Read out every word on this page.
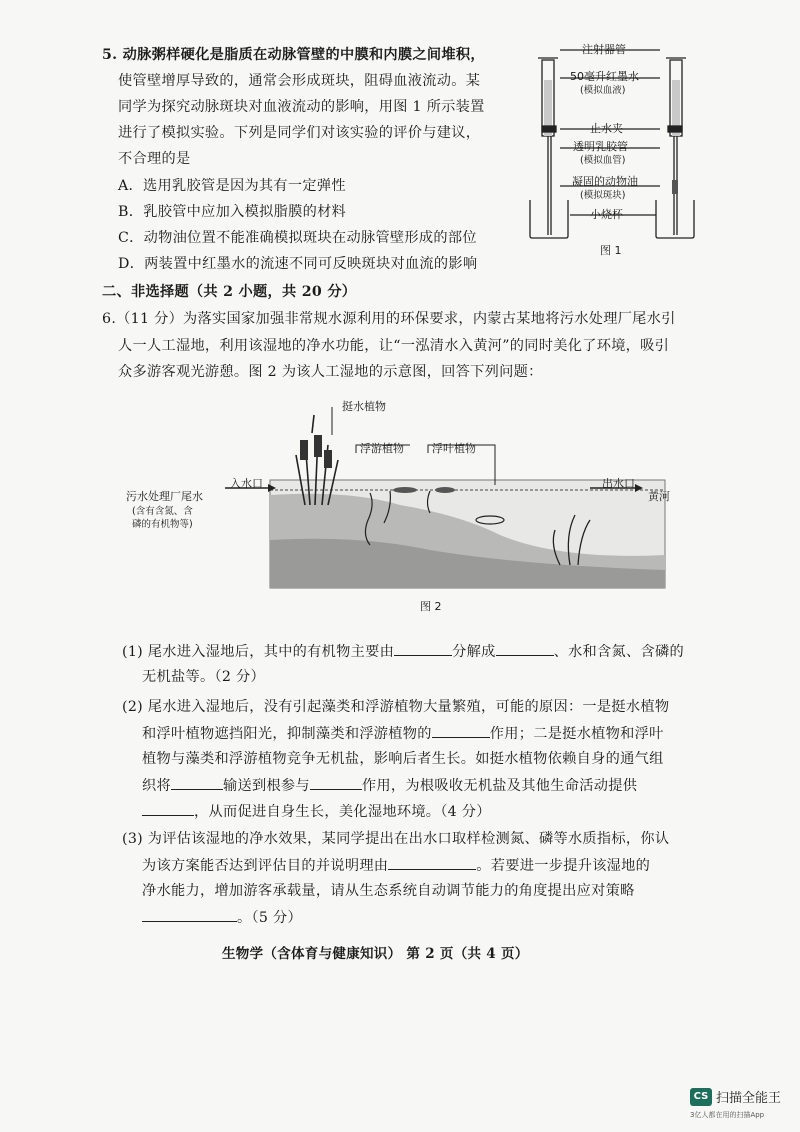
5. 动脉粥样硬化是脂质在动脉管壁的中膜和内膜之间堆积，
使管壁增厚导致的，通常会形成斑块，阻碍血液流动。某
同学为探究动脉斑块对血液流动的影响，用图 1 所示装置
进行了模拟实验。下列是同学们对该实验的评价与建议，
不合理的是
A．选用乳胶管是因为其有一定弹性
B．乳胶管中应加入模拟脂膜的材料
C．动物油位置不能准确模拟斑块在动脉管壁形成的部位
D．两装置中红墨水的流速不同可反映斑块对血流的影响
注射器管
50毫升红墨水
(模拟血液)
止水夹
透明乳胶管
(模拟血管)
凝固的动物油
(模拟斑块)
小烧杯
图 1
二、非选择题（共 2 小题，共 20 分）
6.（11 分）为落实国家加强非常规水源利用的环保要求，内蒙古某地将污水处理厂尾水引
人一人工湿地，利用该湿地的净水功能，让“一泓清水入黄河”的同时美化了环境，吸引
众多游客观光游憩。图 2 为该人工湿地的示意图，回答下列问题：
挺水植物
浮游植物	浮叶植物
入水口	出水口
污水处理厂尾水
(含有含氮、含
磷的有机物等)
黄河
图 2
(1) 尾水进入湿地后，其中的有机物主要由	分解成	、水和含氮、含磷的
无机盐等。（2 分）
(2) 尾水进入湿地后，没有引起藻类和浮游植物大量繁殖，可能的原因：一是挺水植物
和浮叶植物遮挡阳光，抑制藻类和浮游植物的	作用；二是挺水植物和浮叶
植物与藻类和浮游植物竞争无机盐，影响后者生长。如挺水植物依赖自身的通气组
织将	输送到根参与	作用，为根吸收无机盐及其他生命活动提供
，从而促进自身生长，美化湿地环境。（4 分）
(3) 为评估该湿地的净水效果，某同学提出在出水口取样检测氮、磷等水质指标，你认
为该方案能否达到评估目的并说明理由	。若要进一步提升该湿地的
净水能力，增加游客承载量，请从生态系统自动调节能力的角度提出应对策略
。（5 分）
生物学（含体育与健康知识） 第 2 页（共 4 页）
CS 扫描全能王
3亿人都在用的扫描App
